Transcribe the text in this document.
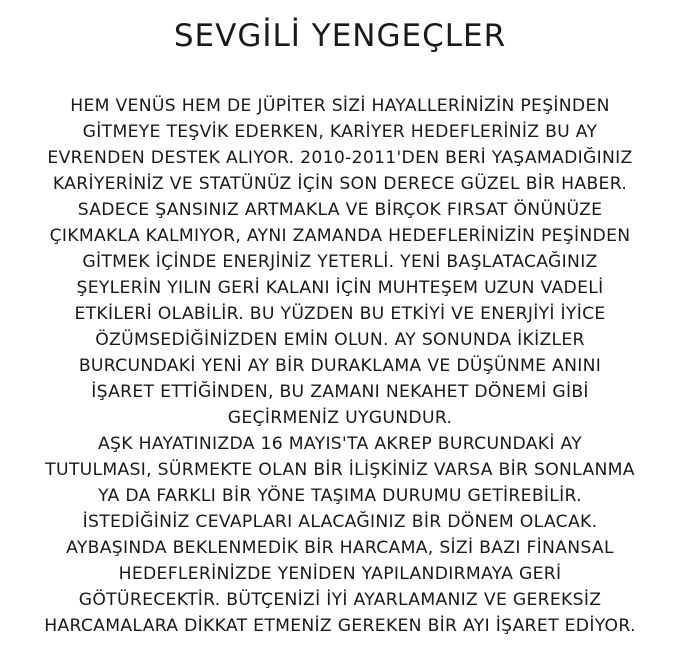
SEVGİLİ YENGEÇLER
HEM VENÜS HEM DE JÜPİTER SİZİ HAYALLERİNİZİN PEŞİNDEN
GİTMEYE TEŞVİK EDERKEN, KARİYER HEDEFLERİNİZ BU AY
EVRENDEN DESTEK ALIYOR. 2010-2011'DEN BERİ YAŞAMADIĞINIZ
KARİYERİNİZ VE STATÜNÜZ İÇİN SON DERECE GÜZEL BİR HABER.
SADECE ŞANSINIZ ARTMAKLA VE BİRÇOK FIRSAT ÖNÜNÜZE
ÇIKMAKLA KALMIYOR, AYNI ZAMANDA HEDEFLERİNİZİN PEŞİNDEN
GİTMEK İÇİNDE ENERJİNİZ YETERLİ. YENİ BAŞLATACAĞINIZ
ŞEYLERİN YILIN GERİ KALANI İÇİN MUHTEŞEM UZUN VADELİ
ETKİLERİ OLABİLİR. BU YÜZDEN BU ETKİYİ VE ENERJİYİ İYİCE
ÖZÜMSEDİĞİNİZDEN EMİN OLUN. AY SONUNDA İKİZLER
BURCUNDAKİ YENİ AY BİR DURAKLAMA VE DÜŞÜNME ANINI
İŞARET ETTİĞİNDEN, BU ZAMANI NEKAHET DÖNEMİ GİBİ
GEÇİRMENİZ UYGUNDUR.
AŞK HAYATINIZDA 16 MAYIS'TA AKREP BURCUNDAKİ AY
TUTULMASI, SÜRMEKTE OLAN BİR İLİŞKİNİZ VARSA BİR SONLANMA
YA DA FARKLI BİR YÖNE TAŞIMA DURUMU GETİREBİLİR.
İSTEDİĞİNİZ CEVAPLARI ALACAĞINIZ BİR DÖNEM OLACAK.
AYBAŞINDA BEKLENMEDİK BİR HARCAMA, SİZİ BAZI FİNANSAL
HEDEFLERİNİZDE YENİDEN YAPILANDIRMAYA GERİ
GÖTÜRECEKTİR. BÜTÇENİZİ İYİ AYARLAMANIZ VE GEREKSİZ
HARCAMALARA DİKKAT ETMENİZ GEREKEN BİR AYI İŞARET EDİYOR.
